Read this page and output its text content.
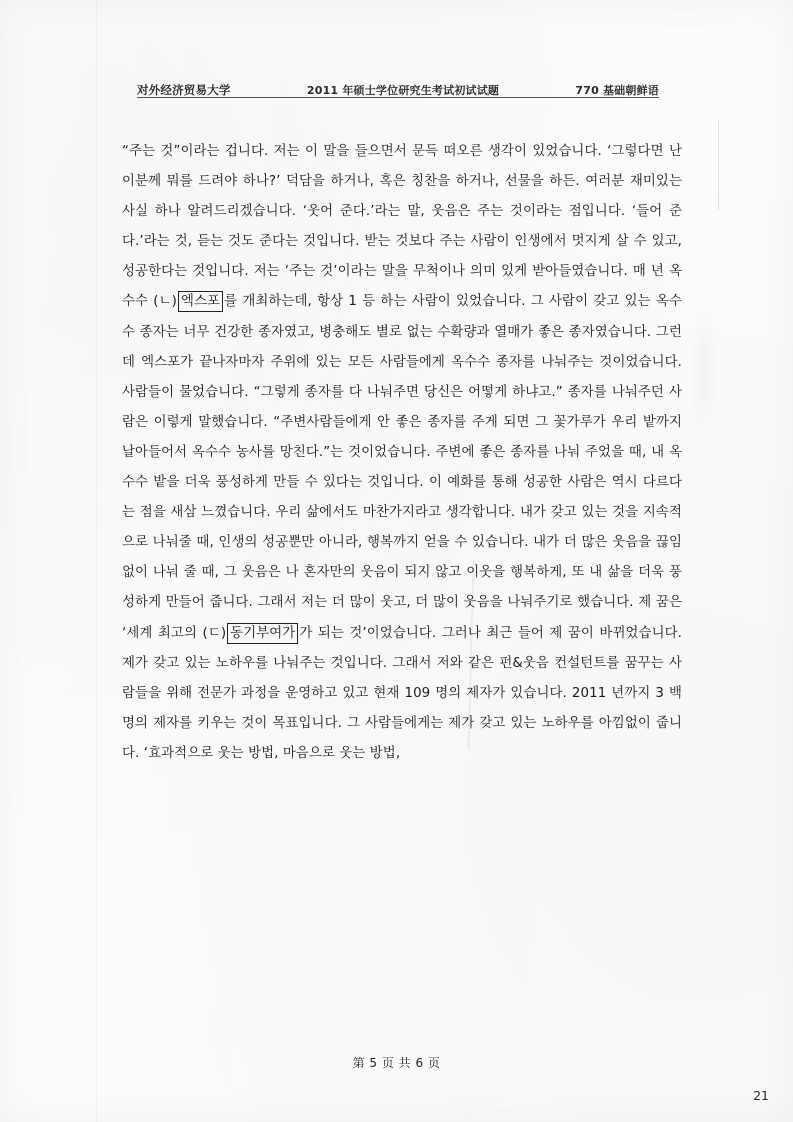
对外经济贸易大学	2011 年硕士学位研究生考试初试试题	770 基础朝鲜语

“주는 것”이라는 겁니다. 저는 이 말을 들으면서 문득 떠오른 생각이 있었습니다. ‘그렇다면 난 이분께 뭐를 드려야 하나?’ 덕담을 하거나, 혹은 칭찬을 하거나, 선물을 하든. 여러분 재미있는 사실 하나 알려드리겠습니다. ‘웃어 준다.’라는 말, 웃음은 주는 것이라는 점입니다. ‘들어 준다.’라는 것, 듣는 것도 준다는 것입니다. 받는 것보다 주는 사람이 인생에서 멋지게 살 수 있고, 성공한다는 것입니다. 저는 ‘주는 것’이라는 말을 무척이나 의미 있게 받아들였습니다. 매 년 옥수수 (ㄴ) 엑스포 를 개최하는데, 항상 1 등 하는 사람이 있었습니다. 그 사람이 갖고 있는 옥수수 종자는 너무 건강한 종자였고, 병충해도 별로 없는 수확량과 열매가 좋은 종자였습니다. 그런데 엑스포가 끝나자마자 주위에 있는 모든 사람들에게 옥수수 종자를 나눠주는 것이었습니다. 사람들이 물었습니다. “그렇게 종자를 다 나눠주면 당신은 어떻게 하냐고.” 종자를 나눠주던 사람은 이렇게 말했습니다. “주변사람들에게 안 좋은 종자를 주게 되면 그 꽃가루가 우리 밭까지 날아들어서 옥수수 농사를 망친다.”는 것이었습니다. 주변에 좋은 종자를 나눠 주었을 때, 내 옥수수 밭을 더욱 풍성하게 만들 수 있다는 것입니다. 이 예화를 통해 성공한 사람은 역시 다르다는 점을 새삼 느꼈습니다. 우리 삶에서도 마찬가지라고 생각합니다. 내가 갖고 있는 것을 지속적으로 나눠줄 때, 인생의 성공뿐만 아니라, 행복까지 얻을 수 있습니다. 내가 더 많은 웃음을 끊임없이 나눠 줄 때, 그 웃음은 나 혼자만의 웃음이 되지 않고 이웃을 행복하게, 또 내 삶을 더욱 풍성하게 만들어 줍니다. 그래서 저는 더 많이 웃고, 더 많이 웃음을 나눠주기로 했습니다. 제 꿈은 ‘세계 최고의 (ㄷ) 동기부여가 가 되는 것’이었습니다. 그러나 최근 들어 제 꿈이 바뀌었습니다. 제가 갖고 있는 노하우를 나눠주는 것입니다. 그래서 저와 같은 펀&웃음 컨설턴트를 꿈꾸는 사람들을 위해 전문가 과정을 운영하고 있고 현재 109 명의 제자가 있습니다. 2011 년까지 3 백 명의 제자를 키우는 것이 목표입니다. 그 사람들에게는 제가 갖고 있는 노하우를 아낌없이 줍니다. ‘효과적으로 웃는 방법, 마음으로 웃는 방법,

第 5 页 共 6 页
21
